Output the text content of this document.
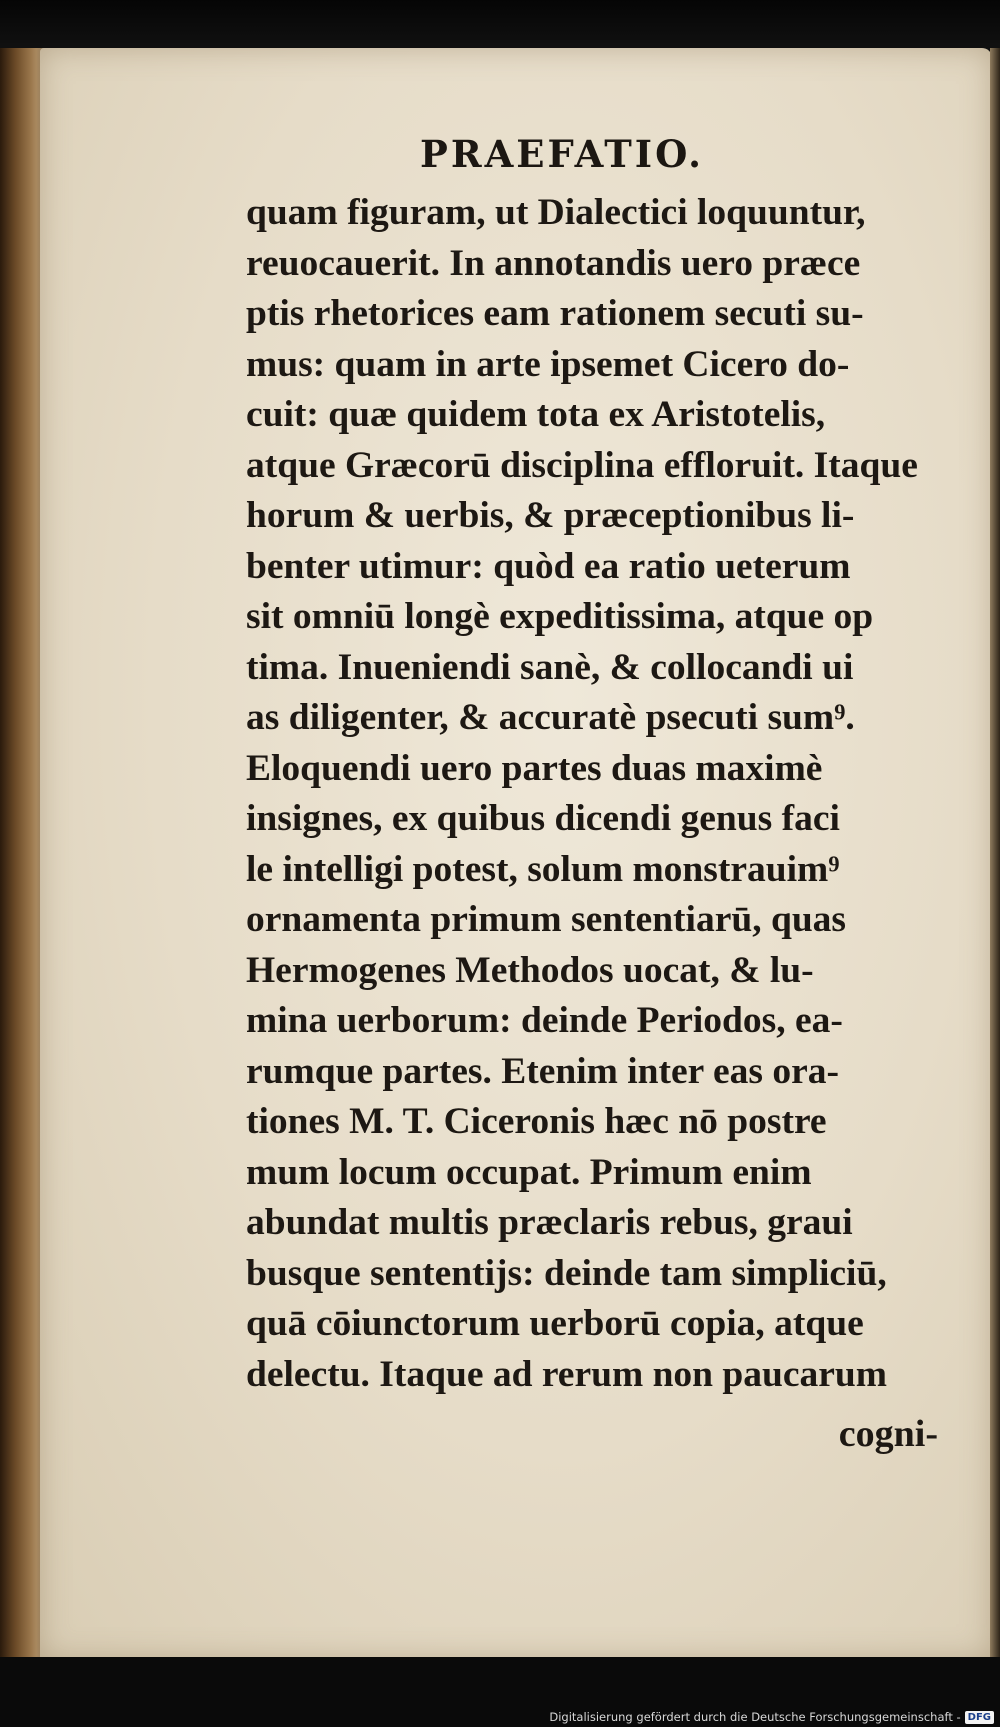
PRAEFATIO.
quam figuram, ut Dialectici loquuntur,
reuocauerit. In annotandis uero præce
ptis rhetorices eam rationem secuti su-
mus: quam in arte ipsemet Cicero do-
cuit: quæ quidem tota ex Aristotelis,
atque Græcorū disciplina effloruit. Itaque
horum & uerbis, & præceptionibus li-
benter utimur: quòd ea ratio ueterum
sit omniū longè expeditissima, atque op
tima. Inueniendi sanè, & collocandi ui
as diligenter, & accuratè psecuti sum⁹.
Eloquendi uero partes duas maximè
insignes, ex quibus dicendi genus faci
le intelligi potest, solum monstrauim⁹
ornamenta primum sententiarū, quas
Hermogenes Methodos uocat, & lu-
mina uerborum: deinde Periodos, ea-
rumque partes. Etenim inter eas ora-
tiones M. T. Ciceronis hæc nō postre
mum locum occupat. Primum enim
abundat multis præclaris rebus, graui
busque sententijs: deinde tam simpliciū,
quā cōiunctorum uerborū copia, atque
delectu. Itaque ad rerum non paucarum
cogni-
Digitalisierung gefördert durch die Deutsche Forschungsgemeinschaft - DFG
